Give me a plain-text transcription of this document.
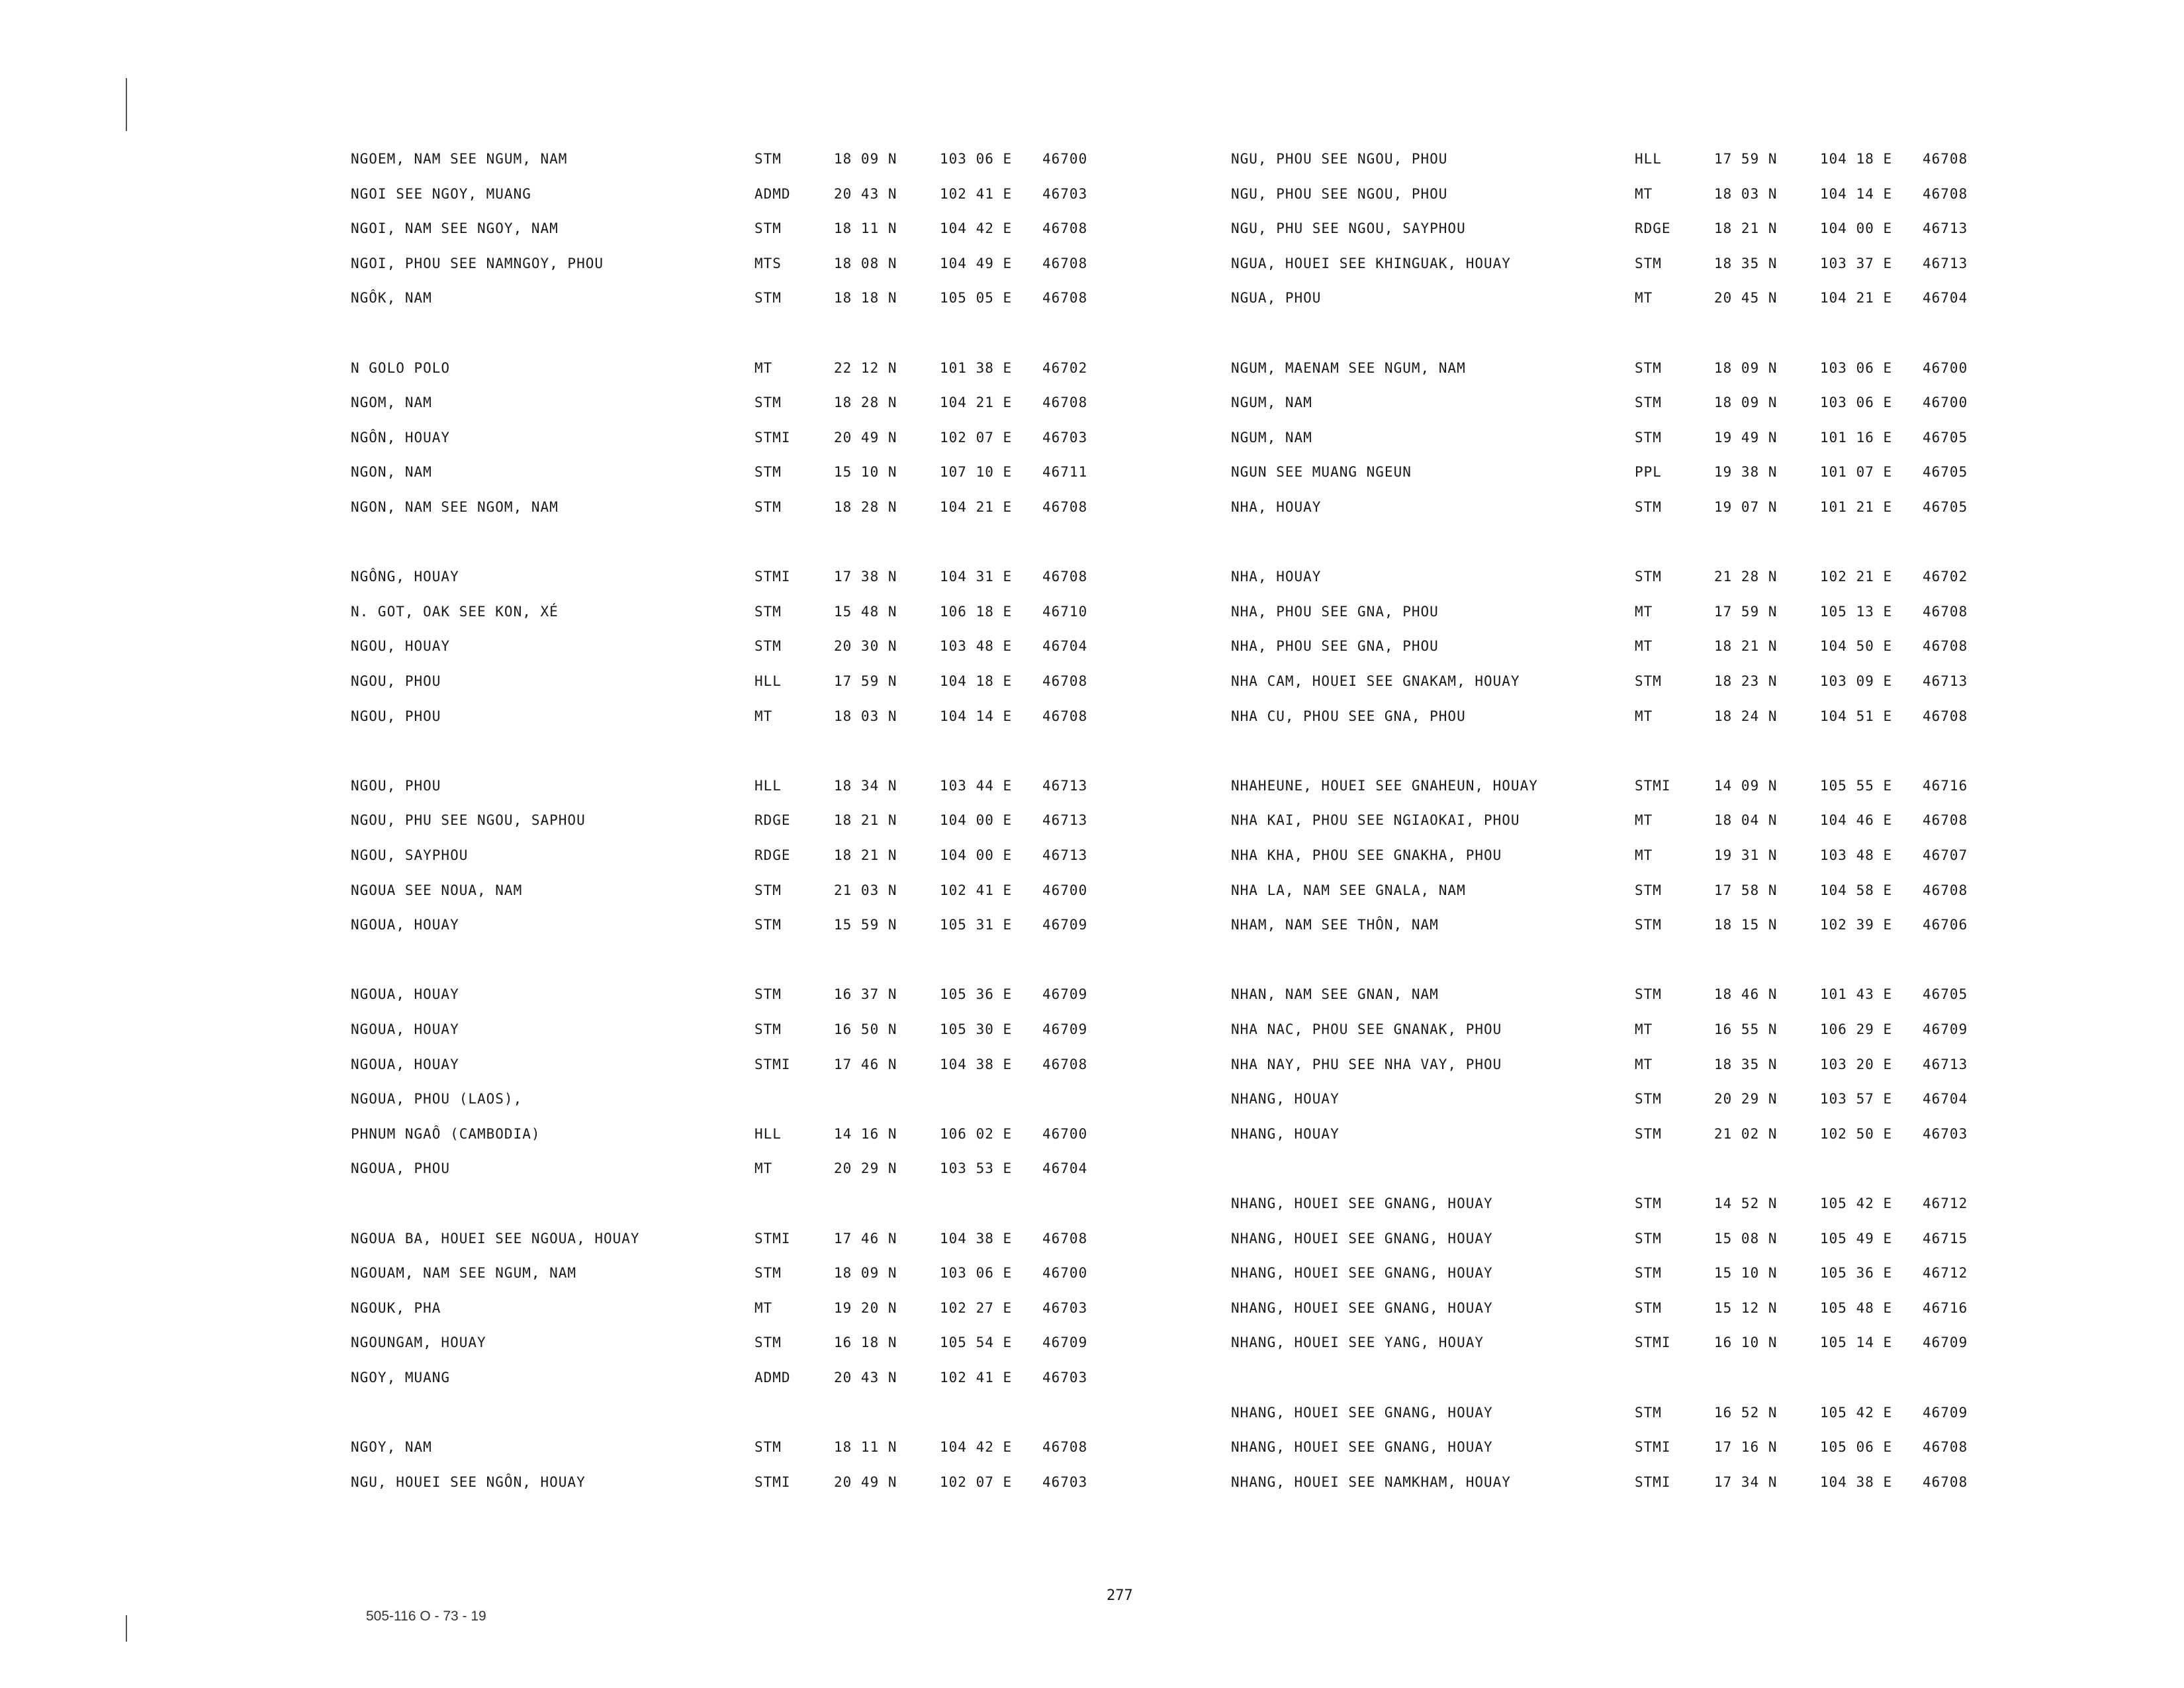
NGOEM, NAM SEE NGUM, NAM	STM	18 09 N	103 06 E 46700
NGOI SEE NGOY, MUANG	ADMD	20 43 N	102 41 E 46703
NGOI, NAM SEE NGOY, NAM	STM	18 11 N	104 42 E 46708
NGOI, PHOU SEE NAMNGOY, PHOU	MTS	18 08 N	104 49 E 46708
NGÔK, NAM	STM	18 18 N	105 05 E 46708
N GOLO POLO	MT	22 12 N	101 38 E 46702
NGOM, NAM	STM	18 28 N	104 21 E 46708
NGÔN, HOUAY	STMI	20 49 N	102 07 E 46703
NGON, NAM	STM	15 10 N	107 10 E 46711
NGON, NAM SEE NGOM, NAM	STM	18 28 N	104 21 E 46708
NGÔNG, HOUAY	STMI	17 38 N	104 31 E 46708
N. GOT, OAK SEE KON, XÉ	STM	15 48 N	106 18 E 46710
NGOU, HOUAY	STM	20 30 N	103 48 E 46704
NGOU, PHOU	HLL	17 59 N	104 18 E 46708
NGOU, PHOU	MT	18 03 N	104 14 E 46708
NGOU, PHOU	HLL	18 34 N	103 44 E 46713
NGOU, PHU SEE NGOU, SAPHOU	RDGE	18 21 N	104 00 E 46713
NGOU, SAYPHOU	RDGE	18 21 N	104 00 E 46713
NGOUA SEE NOUA, NAM	STM	21 03 N	102 41 E 46700
NGOUA, HOUAY	STM	15 59 N	105 31 E 46709
NGOUA, HOUAY	STM	16 37 N	105 36 E 46709
NGOUA, HOUAY	STM	16 50 N	105 30 E 46709
NGOUA, HOUAY	STMI	17 46 N	104 38 E 46708
NGOUA, PHOU (LAOS),
PHNUM NGAÔ (CAMBODIA)	HLL	14 16 N	106 02 E 46700
NGOUA, PHOU	MT	20 29 N	103 53 E 46704
NGOUA BA, HOUEI SEE NGOUA, HOUAY	STMI	17 46 N	104 38 E 46708
NGOUAM, NAM SEE NGUM, NAM	STM	18 09 N	103 06 E 46700
NGOUK, PHA	MT	19 20 N	102 27 E 46703
NGOUNGAM, HOUAY	STM	16 18 N	105 54 E 46709
NGOY, MUANG	ADMD	20 43 N	102 41 E 46703
NGOY, NAM	STM	18 11 N	104 42 E 46708
NGU, HOUEI SEE NGÔN, HOUAY	STMI	20 49 N	102 07 E 46703
NGU, PHOU SEE NGOU, PHOU	HLL	17 59 N	104 18 E 46708
NGU, PHOU SEE NGOU, PHOU	MT	18 03 N	104 14 E 46708
NGU, PHU SEE NGOU, SAYPHOU	RDGE	18 21 N	104 00 E 46713
NGUA, HOUEI SEE KHINGUAK, HOUAY	STM	18 35 N	103 37 E 46713
NGUA, PHOU	MT	20 45 N	104 21 E 46704
NGUM, MAENAM SEE NGUM, NAM	STM	18 09 N	103 06 E 46700
NGUM, NAM	STM	18 09 N	103 06 E 46700
NGUM, NAM	STM	19 49 N	101 16 E 46705
NGUN SEE MUANG NGEUN	PPL	19 38 N	101 07 E 46705
NHA, HOUAY	STM	19 07 N	101 21 E 46705
NHA, HOUAY	STM	21 28 N	102 21 E 46702
NHA, PHOU SEE GNA, PHOU	MT	17 59 N	105 13 E 46708
NHA, PHOU SEE GNA, PHOU	MT	18 21 N	104 50 E 46708
NHA CAM, HOUEI SEE GNAKAM, HOUAY	STM	18 23 N	103 09 E 46713
NHA CU, PHOU SEE GNA, PHOU	MT	18 24 N	104 51 E 46708
NHAHEUNE, HOUEI SEE GNAHEUN, HOUAY	STMI	14 09 N	105 55 E 46716
NHA KAI, PHOU SEE NGIAOKAI, PHOU	MT	18 04 N	104 46 E 46708
NHA KHA, PHOU SEE GNAKHA, PHOU	MT	19 31 N	103 48 E 46707
NHA LA, NAM SEE GNALA, NAM	STM	17 58 N	104 58 E 46708
NHAM, NAM SEE THÔN, NAM	STM	18 15 N	102 39 E 46706
NHAN, NAM SEE GNAN, NAM	STM	18 46 N	101 43 E 46705
NHA NAC, PHOU SEE GNANAK, PHOU	MT	16 55 N	106 29 E 46709
NHA NAY, PHU SEE NHA VAY, PHOU	MT	18 35 N	103 20 E 46713
NHANG, HOUAY	STM	20 29 N	103 57 E 46704
NHANG, HOUAY	STM	21 02 N	102 50 E 46703
NHANG, HOUEI SEE GNANG, HOUAY	STM	14 52 N	105 42 E 46712
NHANG, HOUEI SEE GNANG, HOUAY	STM	15 08 N	105 49 E 46715
NHANG, HOUEI SEE GNANG, HOUAY	STM	15 10 N	105 36 E 46712
NHANG, HOUEI SEE GNANG, HOUAY	STM	15 12 N	105 48 E 46716
NHANG, HOUEI SEE YANG, HOUAY	STMI	16 10 N	105 14 E 46709
NHANG, HOUEI SEE GNANG, HOUAY	STM	16 52 N	105 42 E 46709
NHANG, HOUEI SEE GNANG, HOUAY	STMI	17 16 N	105 06 E 46708
NHANG, HOUEI SEE NAMKHAM, HOUAY	STMI	17 34 N	104 38 E 46708
277
505-116 O - 73 - 19
